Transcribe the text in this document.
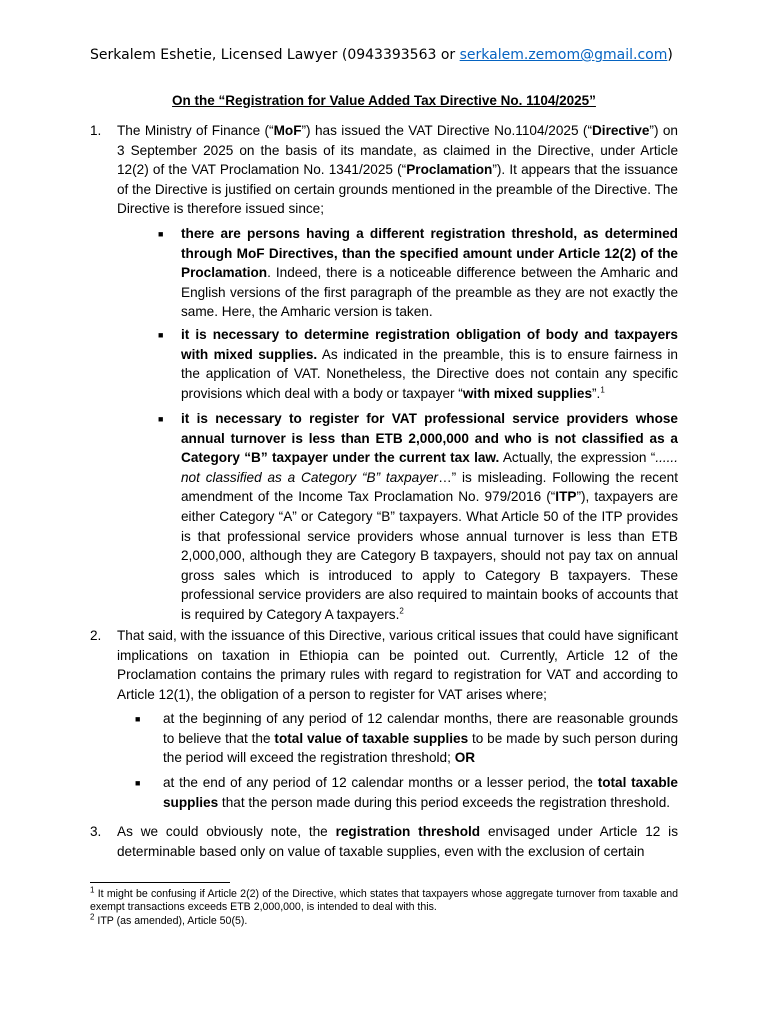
Serkalem Eshetie, Licensed Lawyer (0943393563 or serkalem.zemom@gmail.com)
On the “Registration for Value Added Tax Directive No. 1104/2025”
1. The Ministry of Finance (“MoF”) has issued the VAT Directive No.1104/2025 (“Directive”) on 3 September 2025 on the basis of its mandate, as claimed in the Directive, under Article 12(2) of the VAT Proclamation No. 1341/2025 (“Proclamation”). It appears that the issuance of the Directive is justified on certain grounds mentioned in the preamble of the Directive. The Directive is therefore issued since;
■ there are persons having a different registration threshold, as determined through MoF Directives, than the specified amount under Article 12(2) of the Proclamation. Indeed, there is a noticeable difference between the Amharic and English versions of the first paragraph of the preamble as they are not exactly the same. Here, the Amharic version is taken.
■ it is necessary to determine registration obligation of body and taxpayers with mixed supplies. As indicated in the preamble, this is to ensure fairness in the application of VAT. Nonetheless, the Directive does not contain any specific provisions which deal with a body or taxpayer “with mixed supplies”.$^1$
■ it is necessary to register for VAT professional service providers whose annual turnover is less than ETB 2,000,000 and who is not classified as a Category “B” taxpayer under the current tax law. Actually, the expression “...... not classified as a Category “B” taxpayer…” is misleading. Following the recent amendment of the Income Tax Proclamation No. 979/2016 (“ITP”), taxpayers are either Category “A” or Category “B” taxpayers. What Article 50 of the ITP provides is that professional service providers whose annual turnover is less than ETB 2,000,000, although they are Category B taxpayers, should not pay tax on annual gross sales which is introduced to apply to Category B taxpayers. These professional service providers are also required to maintain books of accounts that is required by Category A taxpayers.$^2$
2. That said, with the issuance of this Directive, various critical issues that could have significant implications on taxation in Ethiopia can be pointed out. Currently, Article 12 of the Proclamation contains the primary rules with regard to registration for VAT and according to Article 12(1), the obligation of a person to register for VAT arises where;
■ at the beginning of any period of 12 calendar months, there are reasonable grounds to believe that the total value of taxable supplies to be made by such person during the period will exceed the registration threshold; OR
■ at the end of any period of 12 calendar months or a lesser period, the total taxable supplies that the person made during this period exceeds the registration threshold.
3. As we could obviously note, the registration threshold envisaged under Article 12 is determinable based only on value of taxable supplies, even with the exclusion of certain
$^1$ It might be confusing if Article 2(2) of the Directive, which states that taxpayers whose aggregate turnover from taxable and exempt transactions exceeds ETB 2,000,000, is intended to deal with this.
$^2$ ITP (as amended), Article 50(5).
